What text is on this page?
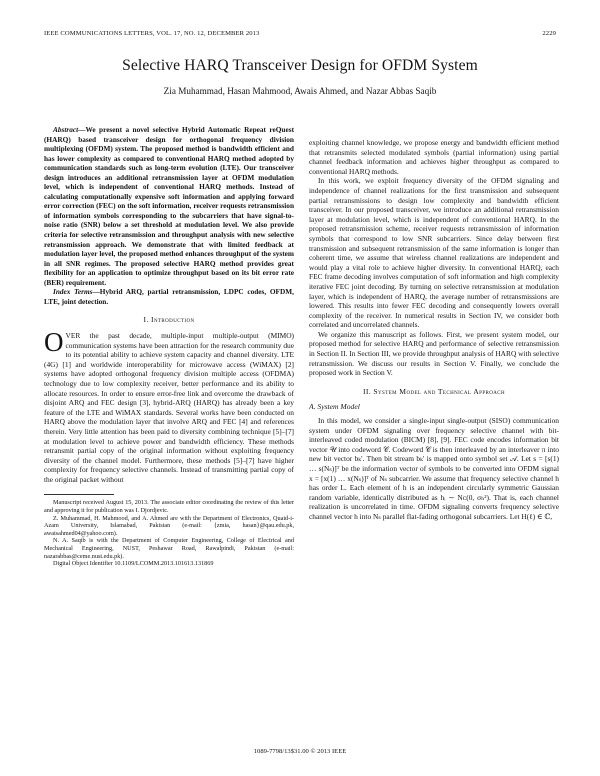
IEEE COMMUNICATIONS LETTERS, VOL. 17, NO. 12, DECEMBER 2013	2229
Selective HARQ Transceiver Design for OFDM System
Zia Muhammad, Hasan Mahmood, Awais Ahmed, and Nazar Abbas Saqib

Abstract—We present a novel selective Hybrid Automatic Repeat reQuest (HARQ) based transceiver design for orthogonal frequency division multiplexing (OFDM) system. The proposed method is bandwidth efficient and has lower complexity as compared to conventional HARQ method adopted by communication standards such as long-term evolution (LTE). Our transceiver design introduces an additional retransmission layer at OFDM modulation level, which is independent of conventional HARQ methods. Instead of calculating computationally expensive soft information and applying forward error correction (FEC) on the soft information, receiver requests retransmission of information symbols corresponding to the subcarriers that have signal-to-noise ratio (SNR) below a set threshold at modulation level. We also provide criteria for selective retransmission and throughput analysis with new selective retransmission approach. We demonstrate that with limited feedback at modulation layer level, the proposed method enhances throughput of the system in all SNR regimes. The proposed selective HARQ method provides great flexibility for an application to optimize throughput based on its bit error rate (BER) requirement.

Index Terms—Hybrid ARQ, partial retransmission, LDPC codes, OFDM, LTE, joint detection.

I. Introduction

OVER the past decade, multiple-input multiple-output (MIMO) communication systems have been attraction for the research community due to its potential ability to achieve system capacity and channel diversity. LTE (4G) [1] and worldwide interoperability for microwave access (WiMAX) [2] systems have adopted orthogonal frequency division multiple access (OFDMA) technology due to low complexity receiver, better performance and its ability to allocate resources. In order to ensure error-free link and overcome the drawback of disjoint ARQ and FEC design [3], hybrid-ARQ (HARQ) has already been a key feature of the LTE and WiMAX standards. Several works have been conducted on HARQ above the modulation layer that involve ARQ and FEC [4] and references therein. Very little attention has been paid to diversity combining technique [5]–[7] at modulation level to achieve power and bandwidth efficiency. These methods retransmit partial copy of the original information without exploiting frequency diversity of the channel model. Furthermore, these methods [5]–[7] have higher complexity for frequency selective channels. Instead of transmitting partial copy of the original packet without

Manuscript received August 15, 2013. The associate editor coordinating the review of this letter and approving it for publication was I. Djordjevic.

Z. Muhammad, H. Mahmood, and A. Ahmed are with the Department of Electronics, Quaid-i-Azam University, Islamabad, Pakistan (e-mail: {zmia, hasan}@qau.edu.pk, awaisahmed04@yahoo.com).

N. A. Saqib is with the Department of Computer Engineering, College of Electrical and Mechanical Engineering, NUST, Peshawar Road, Rawalpindi, Pakistan (e-mail: nazarabbas@ceme.nust.edu.pk).

Digital Object Identifier 10.1109/LCOMM.2013.101613.131869

exploiting channel knowledge, we propose energy and bandwidth efficient method that retransmits selected modulated symbols (partial information) using partial channel feedback information and achieves higher throughput as compared to conventional HARQ methods.

In this work, we exploit frequency diversity of the OFDM signaling and independence of channel realizations for the first transmission and subsequent partial retransmissions to design low complexity and bandwidth efficient transceiver. In our proposed transceiver, we introduce an additional retransmission layer at modulation level, which is independent of conventional HARQ. In the proposed retransmission scheme, receiver requests retransmission of information symbols that correspond to low SNR subcarriers. Since delay between first transmission and subsequent retransmission of the same information is longer than coherent time, we assume that wireless channel realizations are independent and would play a vital role to achieve higher diversity. In conventional HARQ, each FEC frame decoding involves computation of soft information and high complexity iterative FEC joint decoding. By turning on selective retransmission at modulation layer, which is independent of HARQ, the average number of retransmissions are lowered. This results into fewer FEC decoding and consequently lowers overall complexity of the receiver. In numerical results in Section IV, we consider both correlated and uncorrelated channels.

We organize this manuscript as follows. First, we present system model, our proposed method for selective HARQ and performance of selective retransmission in Section II. In Section III, we provide throughput analysis of HARQ with selective retransmission. We discuss our results in Section V. Finally, we conclude the proposed work in Section V.

II. System Model and Technical Approach
A. System Model

In this model, we consider a single-input single-output (SISO) communication system under OFDM signaling over frequency selective channel with bit-interleaved coded modulation (BICM) [8], [9]. FEC code encodes information bit vector 𝒰 into codeword 𝒞. Codeword 𝒞 is then interleaved by an interleaver π into new bit vector bₖ′. Then bit stream bₖ′ is mapped onto symbol set 𝒜. Let s = [s(1) … s(Nₛ)]ᵀ be the information vector of symbols to be converted into OFDM signal x = [x(1) … x(Nₛ)]ᵀ of Nₛ subcarrier. We assume that frequency selective channel h has order L. Each element of h is an independent circularly symmetric Gaussian random variable, identically distributed as hᵢ ∼ Nᴄ(0, σₕ²). That is, each channel realization is uncorrelated in time. OFDM signaling converts frequency selective channel vector h into Nₛ parallel flat-fading orthogonal subcarriers. Let H(ℓ) ∈ ℂ,

1089-7798/13$31.00 © 2013 IEEE
